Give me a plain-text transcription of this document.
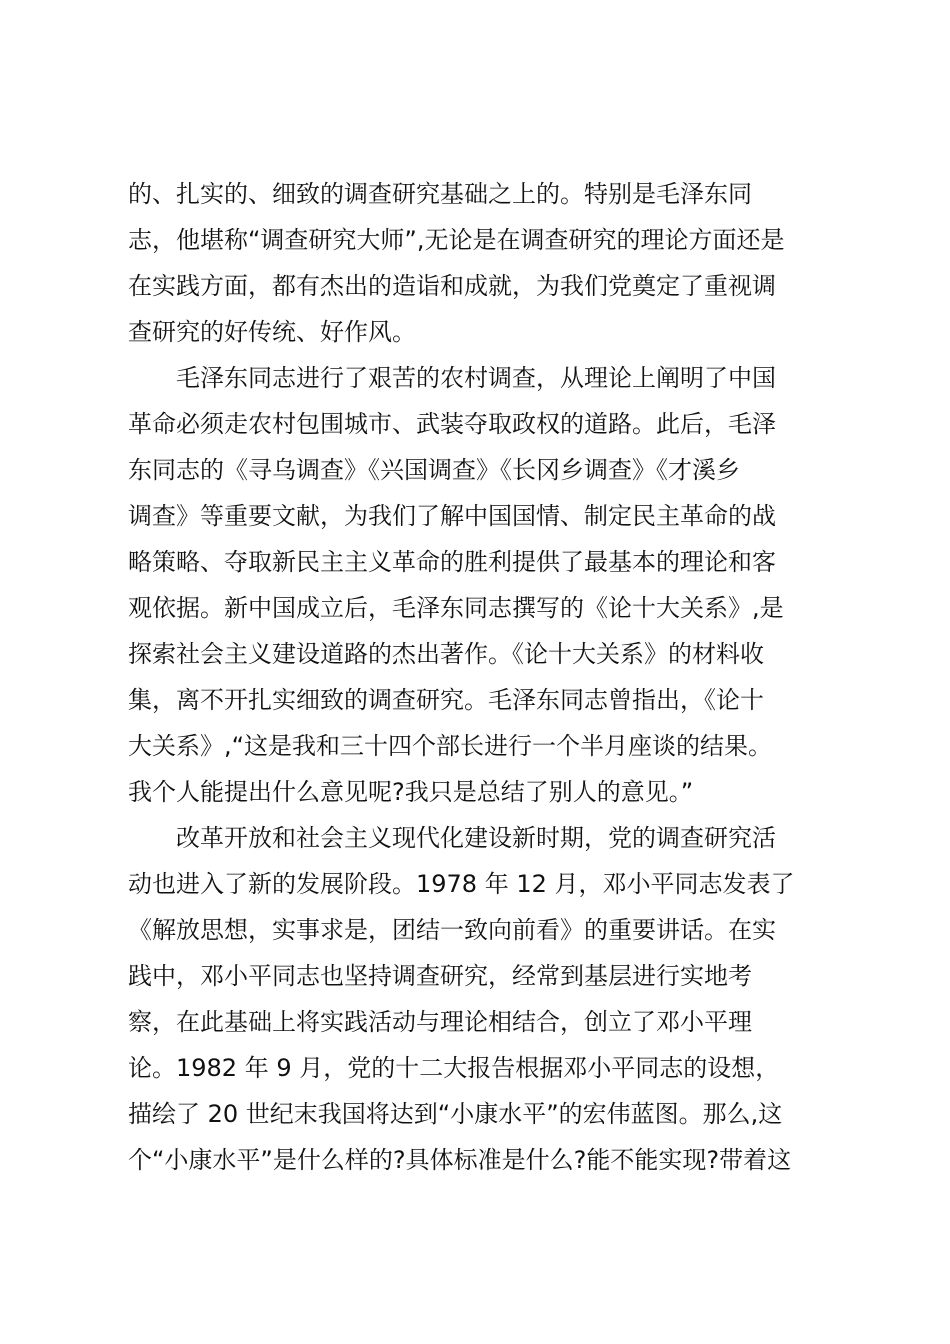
的、扎实的、细致的调查研究基础之上的。特别是毛泽东同
志，他堪称“调查研究大师”,无论是在调查研究的理论方面还是
在实践方面，都有杰出的造诣和成就，为我们党奠定了重视调
查研究的好传统、好作风。
毛泽东同志进行了艰苦的农村调查，从理论上阐明了中国
革命必须走农村包围城市、武装夺取政权的道路。此后，毛泽
东同志的《寻乌调查》《兴国调查》《长冈乡调查》《才溪乡
调查》等重要文献，为我们了解中国国情、制定民主革命的战
略策略、夺取新民主主义革命的胜利提供了最基本的理论和客
观依据。新中国成立后，毛泽东同志撰写的《论十大关系》,是
探索社会主义建设道路的杰出著作。《论十大关系》的材料收
集，离不开扎实细致的调查研究。毛泽东同志曾指出，《论十
大关系》,“这是我和三十四个部长进行一个半月座谈的结果。
我个人能提出什么意见呢?我只是总结了别人的意见。”
改革开放和社会主义现代化建设新时期，党的调查研究活
动也进入了新的发展阶段。1978 年 12 月，邓小平同志发表了
《解放思想，实事求是，团结一致向前看》的重要讲话。在实
践中，邓小平同志也坚持调查研究，经常到基层进行实地考
察，在此基础上将实践活动与理论相结合，创立了邓小平理
论。1982 年 9 月，党的十二大报告根据邓小平同志的设想，
描绘了 20 世纪末我国将达到“小康水平”的宏伟蓝图。那么,这
个“小康水平”是什么样的?具体标准是什么?能不能实现?带着这
